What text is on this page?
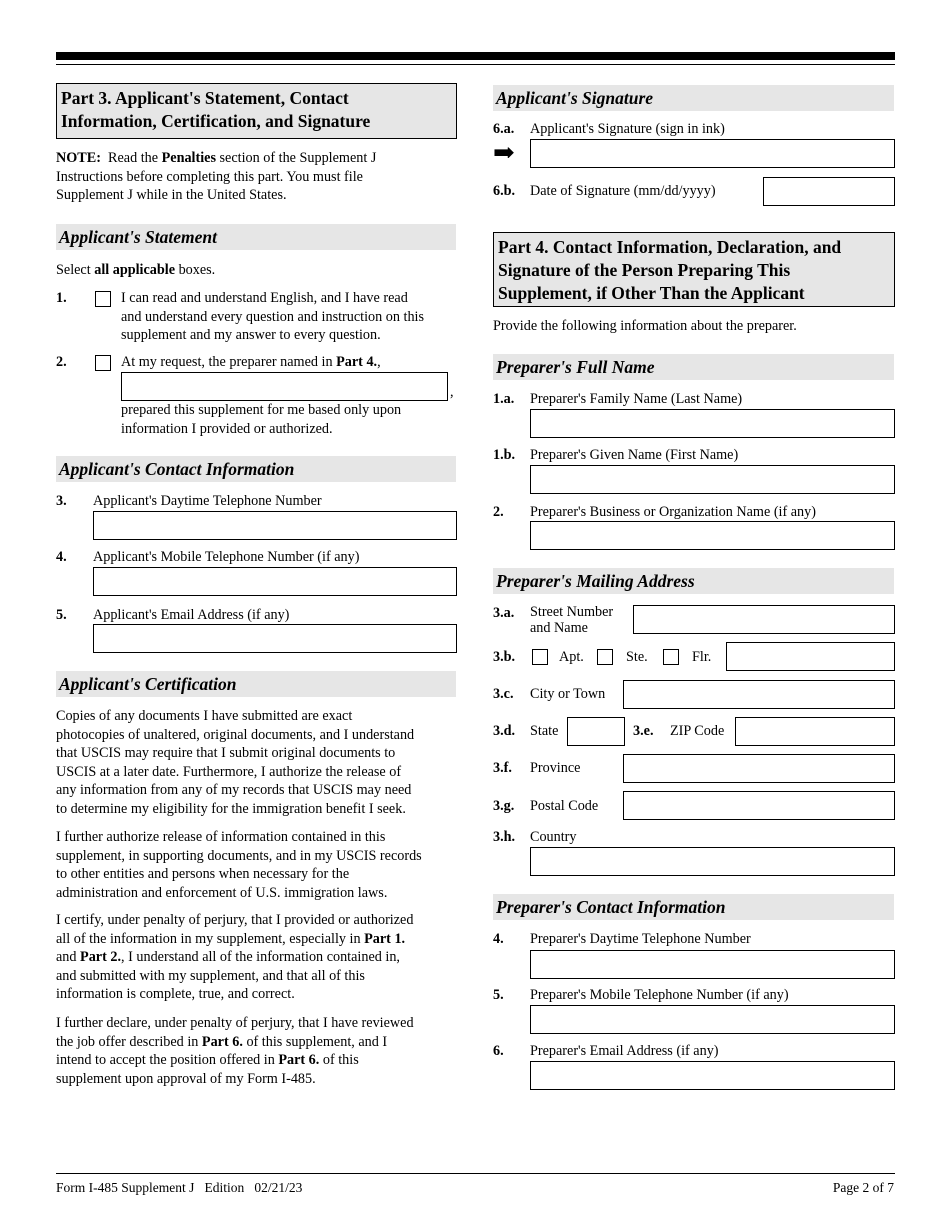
Part 3. Applicant's Statement, Contact
Information, Certification, and Signature
NOTE:  Read the Penalties section of the Supplement J
Instructions before completing this part. You must file
Supplement J while in the United States.
Applicant's Statement
Select all applicable boxes.
1.	I can read and understand English, and I have read
and understand every question and instruction on this
supplement and my answer to every question.
2.	At my request, the preparer named in Part 4.,
,
prepared this supplement for me based only upon
information I provided or authorized.
Applicant's Contact Information
3. Applicant's Daytime Telephone Number
4. Applicant's Mobile Telephone Number (if any)
5. Applicant's Email Address (if any)
Applicant's Certification
Copies of any documents I have submitted are exact
photocopies of unaltered, original documents, and I understand
that USCIS may require that I submit original documents to
USCIS at a later date. Furthermore, I authorize the release of
any information from any of my records that USCIS may need
to determine my eligibility for the immigration benefit I seek.
I further authorize release of information contained in this
supplement, in supporting documents, and in my USCIS records
to other entities and persons when necessary for the
administration and enforcement of U.S. immigration laws.
I certify, under penalty of perjury, that I provided or authorized
all of the information in my supplement, especially in Part 1.
and Part 2., I understand all of the information contained in,
and submitted with my supplement, and that all of this
information is complete, true, and correct.
I further declare, under penalty of perjury, that I have reviewed
the job offer described in Part 6. of this supplement, and I
intend to accept the position offered in Part 6. of this
supplement upon approval of my Form I-485.
Applicant's Signature
6.a. Applicant's Signature (sign in ink)
➡
6.b. Date of Signature (mm/dd/yyyy)
Part 4. Contact Information, Declaration, and
Signature of the Person Preparing This
Supplement, if Other Than the Applicant
Provide the following information about the preparer.
Preparer's Full Name
1.a. Preparer's Family Name (Last Name)
1.b. Preparer's Given Name (First Name)
2. Preparer's Business or Organization Name (if any)
Preparer's Mailing Address
3.a. Street Number
and Name
3.b.	Apt.	Ste.	Flr.
3.c. City or Town
3.d. State	3.e. ZIP Code
3.f. Province
3.g. Postal Code
3.h. Country
Preparer's Contact Information
4. Preparer's Daytime Telephone Number
5. Preparer's Mobile Telephone Number (if any)
6. Preparer's Email Address (if any)
Form I-485 Supplement J   Edition   02/21/23	Page 2 of 7
